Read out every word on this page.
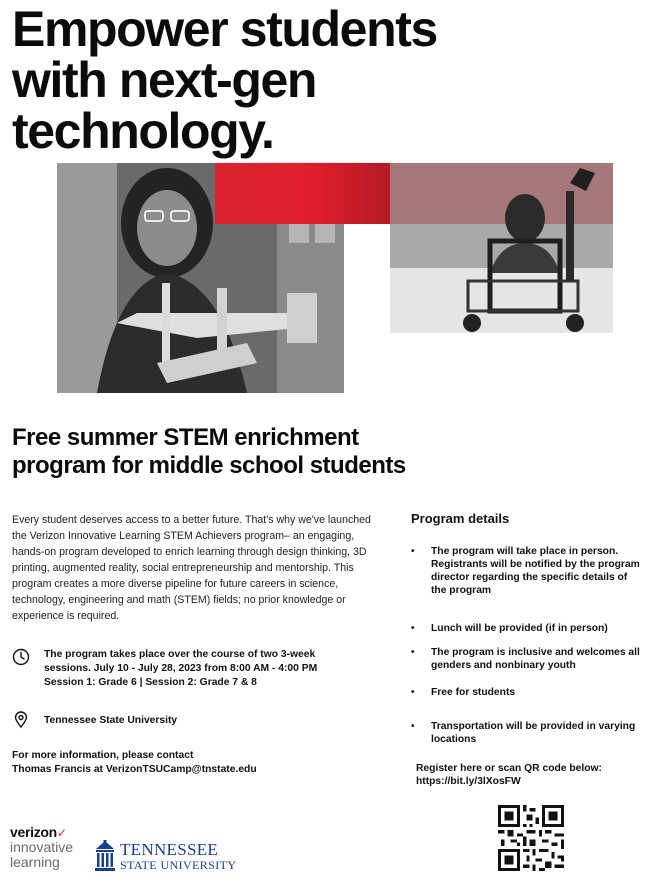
Empower students
with next-gen
technology.
Free summer STEM enrichment
program for middle school students

Every student deserves access to a better future. That's why we've launched the Verizon Innovative Learning STEM Achievers program– an engaging, hands-on program developed to enrich learning through design thinking, 3D printing, augmented reality, social entrepreneurship and mentorship. This program creates a more diverse pipeline for future careers in science, technology, engineering and math (STEM) fields; no prior knowledge or experience is required.

The program takes place over the course of two 3-week
sessions. July 10 - July 28, 2023 from 8:00 AM - 4:00 PM
Session 1: Grade 6 | Session 2: Grade 7 & 8
Tennessee State University
For more information, please contact
Thomas Francis at VerizonTSUCamp@tnstate.edu
Program details
•	The program will take place in person. Registrants will be notified by the program director regarding the specific details of the program
•	Lunch will be provided (if in person)
•	The program is inclusive and welcomes all genders and nonbinary youth
•	Free for students
•	Transportation will be provided in varying locations
Register here or scan QR code below:
https://bit.ly/3lXosFW
verizon✓
innovative
learning
TENNESSEE
STATE UNIVERSITY
